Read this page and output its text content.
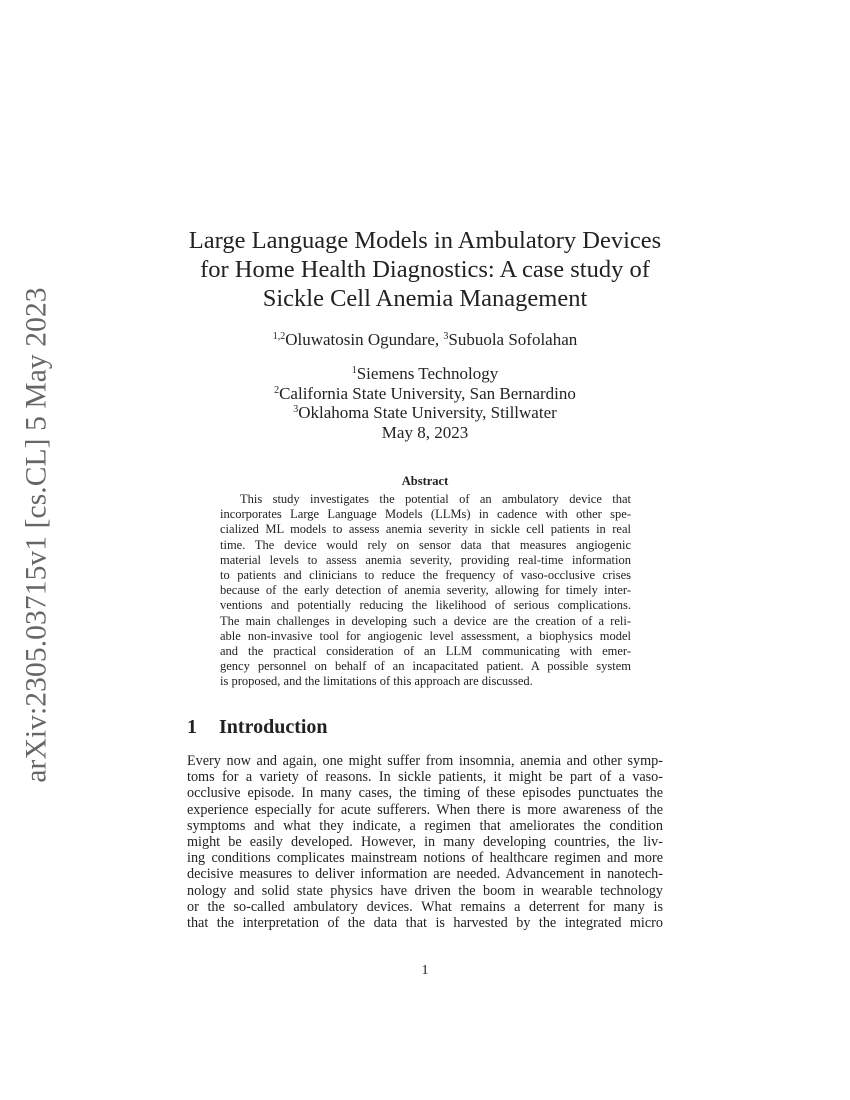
arXiv:2305.03715v1 [cs.CL] 5 May 2023
Large Language Models in Ambulatory Devices
for Home Health Diagnostics: A case study of
Sickle Cell Anemia Management
$^{1,2}$Oluwatosin Ogundare, $^3$Subuola Sofolahan
$^1$Siemens Technology
$^2$California State University, San Bernardino
$^3$Oklahoma State University, Stillwater
May 8, 2023
Abstract
This study investigates the potential of an ambulatory device that
incorporates Large Language Models (LLMs) in cadence with other spe-
cialized ML models to assess anemia severity in sickle cell patients in real
time. The device would rely on sensor data that measures angiogenic
material levels to assess anemia severity, providing real-time information
to patients and clinicians to reduce the frequency of vaso-occlusive crises
because of the early detection of anemia severity, allowing for timely inter-
ventions and potentially reducing the likelihood of serious complications.
The main challenges in developing such a device are the creation of a reli-
able non-invasive tool for angiogenic level assessment, a biophysics model
and the practical consideration of an LLM communicating with emer-
gency personnel on behalf of an incapacitated patient. A possible system
is proposed, and the limitations of this approach are discussed.
1 Introduction
Every now and again, one might suffer from insomnia, anemia and other symp-
toms for a variety of reasons. In sickle patients, it might be part of a vaso-
occlusive episode. In many cases, the timing of these episodes punctuates the
experience especially for acute sufferers. When there is more awareness of the
symptoms and what they indicate, a regimen that ameliorates the condition
might be easily developed. However, in many developing countries, the liv-
ing conditions complicates mainstream notions of healthcare regimen and more
decisive measures to deliver information are needed. Advancement in nanotech-
nology and solid state physics have driven the boom in wearable technology
or the so-called ambulatory devices. What remains a deterrent for many is
that the interpretation of the data that is harvested by the integrated micro
1
